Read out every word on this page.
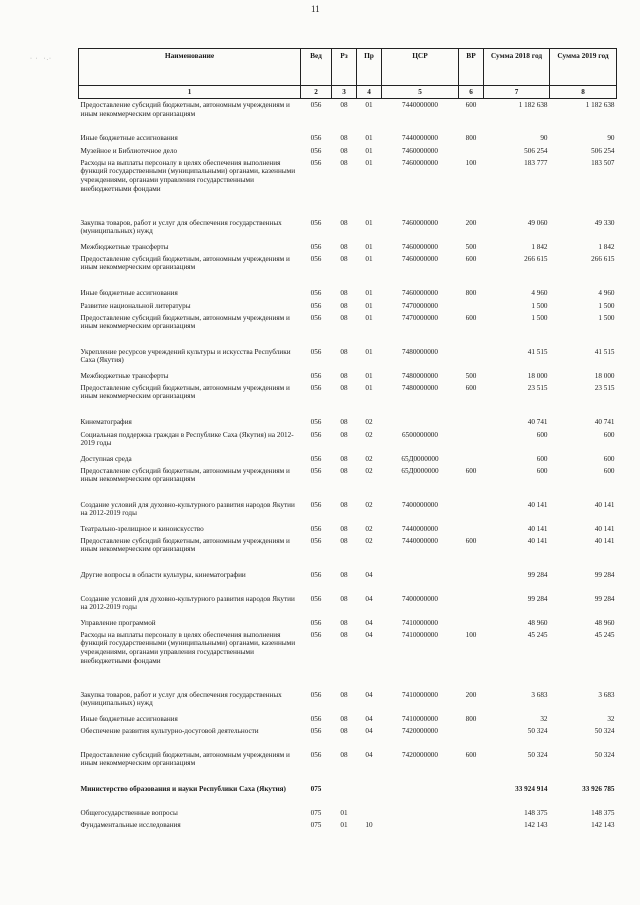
11
· ·  ·.·	Наименование	Вед	Рз	Пр	ЦСР	ВР	Сумма 2018 год	Сумма 2019 год
1	2	3	4	5	6	7	8
Предоставление субсидий бюджетным, автономным учреждениям и иным некоммерческим организациям	056	08	01	7440000000	600	1 182 638	1 182 638
Иные бюджетные ассигнования	056	08	01	7440000000	800	90	90
Музейное и Библиотечное дело	056	08	01	7460000000		506 254	506 254
Расходы на выплаты персоналу в целях обеспечения выполнения функций государственными (муниципальными) органами, казенными учреждениями, органами управления государственными внебюджетными фондами	056	08	01	7460000000	100	183 777	183 507
Закупка товаров, работ и услуг для обеспечения государственных (муниципальных) нужд	056	08	01	7460000000	200	49 060	49 330
Межбюджетные трансферты	056	08	01	7460000000	500	1 842	1 842
Предоставление субсидий бюджетным, автономным учреждениям и иным некоммерческим организациям	056	08	01	7460000000	600	266 615	266 615
Иные бюджетные ассигнования	056	08	01	7460000000	800	4 960	4 960
Развитие национальной литературы	056	08	01	7470000000		1 500	1 500
Предоставление субсидий бюджетным, автономным учреждениям и иным некоммерческим организациям	056	08	01	7470000000	600	1 500	1 500
Укрепление ресурсов учреждений культуры и искусства Республики Саха (Якутия)	056	08	01	7480000000		41 515	41 515
Межбюджетные трансферты	056	08	01	7480000000	500	18 000	18 000
Предоставление субсидий бюджетным, автономным учреждениям и иным некоммерческим организациям	056	08	01	7480000000	600	23 515	23 515
Кинематография	056	08	02			40 741	40 741
Социальная поддержка граждан в Республике Саха (Якутия) на 2012-2019 годы	056	08	02	6500000000		600	600
Доступная среда	056	08	02	65Д0000000		600	600
Предоставление субсидий бюджетным, автономным учреждениям и иным некоммерческим организациям	056	08	02	65Д0000000	600	600	600
Создание условий для духовно-культурного развития народов Якутии на 2012-2019 годы	056	08	02	7400000000		40 141	40 141
Театрально-зрелищное и киноискусство	056	08	02	7440000000		40 141	40 141
Предоставление субсидий бюджетным, автономным учреждениям и иным некоммерческим организациям	056	08	02	7440000000	600	40 141	40 141
Другие вопросы в области культуры, кинематографии	056	08	04			99 284	99 284
Создание условий для духовно-культурного развития народов Якутии на 2012-2019 годы	056	08	04	7400000000		99 284	99 284
Управление программой	056	08	04	7410000000		48 960	48 960
Расходы на выплаты персоналу в целях обеспечения выполнения функций государственными (муниципальными) органами, казенными учреждениями, органами управления государственными внебюджетными фондами	056	08	04	7410000000	100	45 245	45 245
Закупка товаров, работ и услуг для обеспечения государственных (муниципальных) нужд	056	08	04	7410000000	200	3 683	3 683
Иные бюджетные ассигнования	056	08	04	7410000000	800	32	32
Обеспечение развития культурно-досуговой деятельности	056	08	04	7420000000		50 324	50 324
Предоставление субсидий бюджетным, автономным учреждениям и иным некоммерческим организациям	056	08	04	7420000000	600	50 324	50 324
Министерство образования и науки Республики Саха (Якутия)	075					33 924 914	33 926 785
Общегосударственные вопросы	075	01				148 375	148 375
Фундаментальные исследования	075	01	10			142 143	142 143
